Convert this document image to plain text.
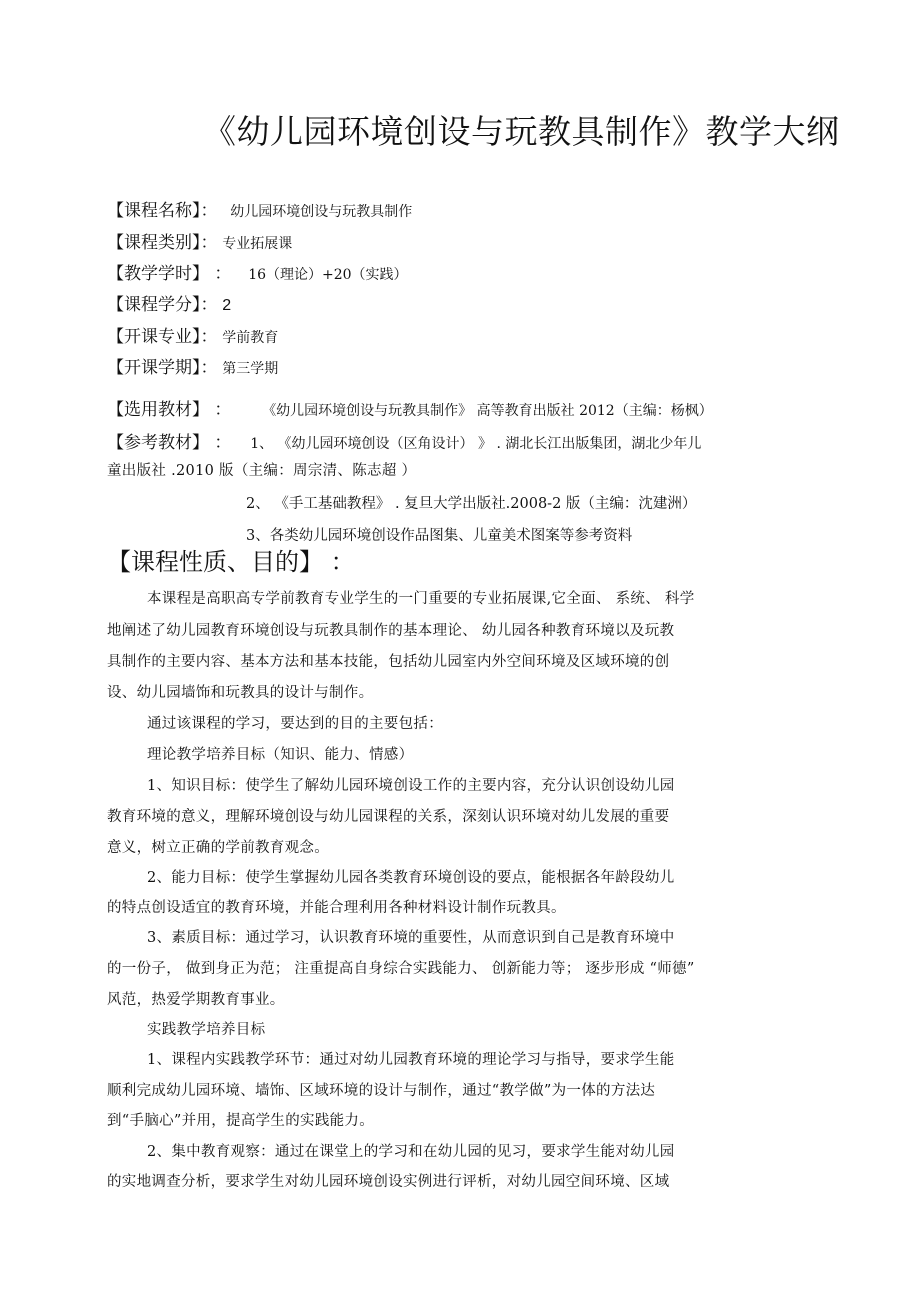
《幼儿园环境创设与玩教具制作》教学大纲
【课程名称】： 幼儿园环境创设与玩教具制作
【课程类别】： 专业拓展课
【教学学时】 ： 16（理论）+20（实践）
【课程学分】： 2
【开课专业】： 学前教育
【开课学期】： 第三学期
【选用教材】 ： 《幼儿园环境创设与玩教具制作》 高等教育出版社 2012（主编：杨枫）
【参考教材】 ： 1、 《幼儿园环境创设（区角设计） 》 . 湖北长江出版集团，湖北少年儿
童出版社 .2010 版（主编：周宗清、陈志超 ）
2、 《手工基础教程》 . 复旦大学出版社.2008-2 版（主编：沈建洲）
3、各类幼儿园环境创设作品图集、儿童美术图案等参考资料
【课程性质、目的】 ：
本课程是高职高专学前教育专业学生的一门重要的专业拓展课,它全面、 系统、 科学
地阐述了幼儿园教育环境创设与玩教具制作的基本理论、 幼儿园各种教育环境以及玩教
具制作的主要内容、基本方法和基本技能，包括幼儿园室内外空间环境及区域环境的创
设、幼儿园墙饰和玩教具的设计与制作。
通过该课程的学习，要达到的目的主要包括：
理论教学培养目标（知识、能力、情感）
1、知识目标：使学生了解幼儿园环境创设工作的主要内容，充分认识创设幼儿园
教育环境的意义，理解环境创设与幼儿园课程的关系，深刻认识环境对幼儿发展的重要
意义，树立正确的学前教育观念。
2、能力目标：使学生掌握幼儿园各类教育环境创设的要点，能根据各年龄段幼儿
的特点创设适宜的教育环境，并能合理利用各种材料设计制作玩教具。
3、素质目标：通过学习，认识教育环境的重要性，从而意识到自己是教育环境中
的一份子， 做到身正为范； 注重提高自身综合实践能力、 创新能力等； 逐步形成 “师德”
风范，热爱学期教育事业。
实践教学培养目标
1、课程内实践教学环节：通过对幼儿园教育环境的理论学习与指导，要求学生能
顺利完成幼儿园环境、墙饰、区域环境的设计与制作，通过“教学做”为一体的方法达
到“手脑心”并用，提高学生的实践能力。
2、集中教育观察：通过在课堂上的学习和在幼儿园的见习，要求学生能对幼儿园
的实地调查分析，要求学生对幼儿园环境创设实例进行评析，对幼儿园空间环境、区域
